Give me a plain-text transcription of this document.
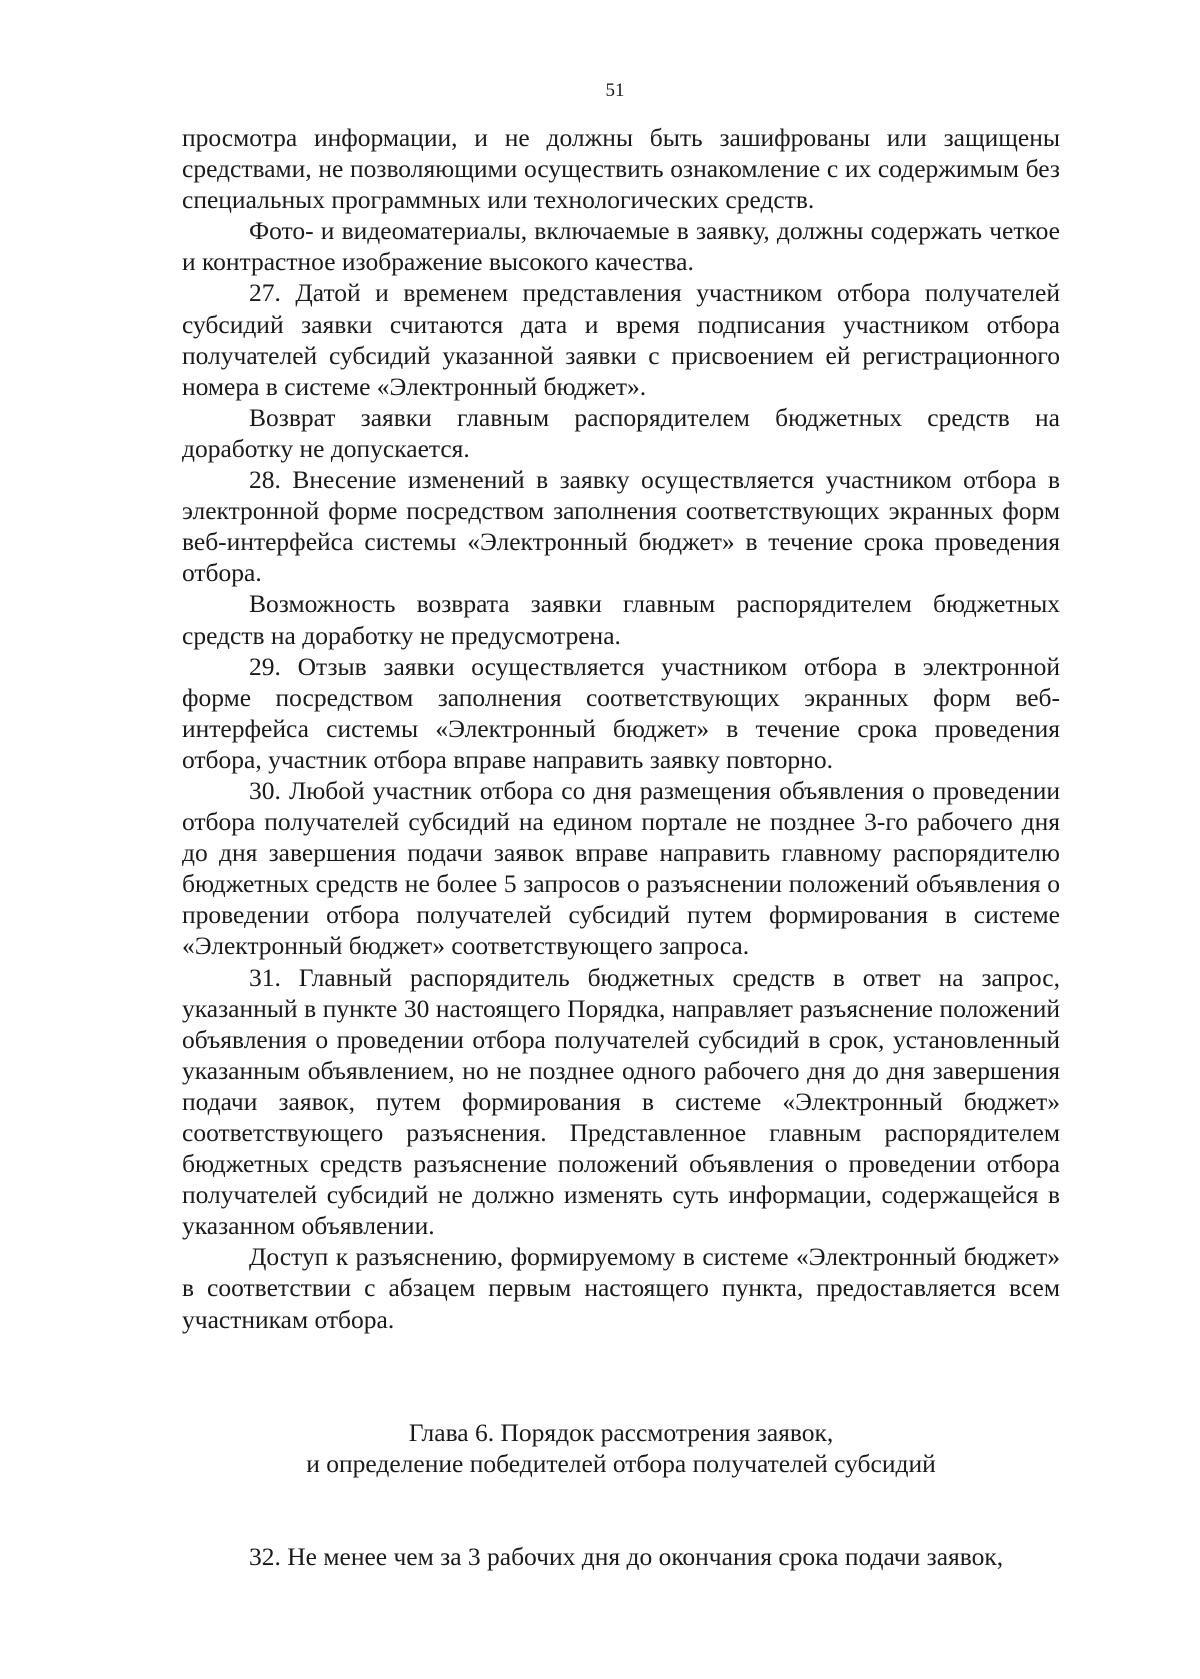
51

просмотра информации, и не должны быть зашифрованы или защищены средствами, не позволяющими осуществить ознакомление с их содержимым без специальных программных или технологических средств.

Фото- и видеоматериалы, включаемые в заявку, должны содержать четкое и контрастное изображение высокого качества.

27. Датой и временем представления участником отбора получателей субсидий заявки считаются дата и время подписания участником отбора получателей субсидий указанной заявки с присвоением ей регистрационного номера в системе «Электронный бюджет».

Возврат заявки главным распорядителем бюджетных средств на доработку не допускается.

28. Внесение изменений в заявку осуществляется участником отбора в электронной форме посредством заполнения соответствующих экранных форм веб-интерфейса системы «Электронный бюджет» в течение срока проведения отбора.

Возможность возврата заявки главным распорядителем бюджетных средств на доработку не предусмотрена.

29. Отзыв заявки осуществляется участником отбора в электронной форме посредством заполнения соответствующих экранных форм веб-интерфейса системы «Электронный бюджет» в течение срока проведения отбора, участник отбора вправе направить заявку повторно.

30. Любой участник отбора со дня размещения объявления о проведении отбора получателей субсидий на едином портале не позднее 3-го рабочего дня до дня завершения подачи заявок вправе направить главному распорядителю бюджетных средств не более 5 запросов о разъяснении положений объявления о проведении отбора получателей субсидий путем формирования в системе «Электронный бюджет» соответствующего запроса.

31. Главный распорядитель бюджетных средств в ответ на запрос, указанный в пункте 30 настоящего Порядка, направляет разъяснение положений объявления о проведении отбора получателей субсидий в срок, установленный указанным объявлением, но не позднее одного рабочего дня до дня завершения подачи заявок, путем формирования в системе «Электронный бюджет» соответствующего разъяснения. Представленное главным распорядителем бюджетных средств разъяснение положений объявления о проведении отбора получателей субсидий не должно изменять суть информации, содержащейся в указанном объявлении.

Доступ к разъяснению, формируемому в системе «Электронный бюджет» в соответствии с абзацем первым настоящего пункта, предоставляется всем участникам отбора.

Глава 6. Порядок рассмотрения заявок,
и определение победителей отбора получателей субсидий
32. Не менее чем за 3 рабочих дня до окончания срока подачи заявок,
